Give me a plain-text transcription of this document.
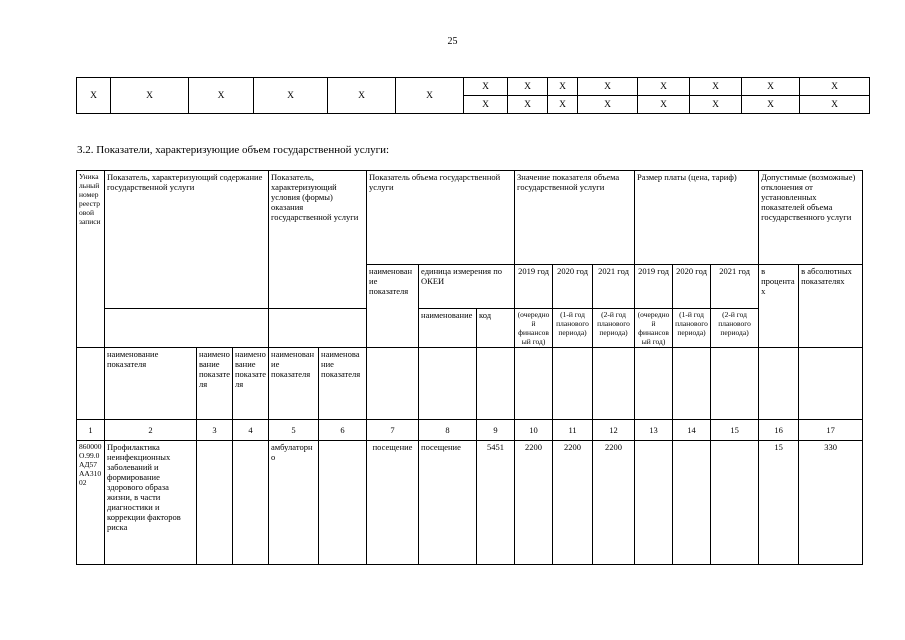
25
X	X	X	X	X	X	X	X	X	X	X	X	X	X
						X	X	X	X	X	X	X	X
3.2. Показатели, характеризующие объем государственной услуги:
Уникальный номер реестровой записи	Показатель, характеризующий содержание государственной услуги			Показатель, характеризующий условия (формы) оказания государственной услуги		Показатель объема государственной услуги			Значение показателя объема государственной услуги			Размер платы (цена, тариф)			Допустимые (возможные) отклонения от установленных показателей объема государственного услуги	
						наименование показателя	единица измерения по ОКЕИ		2019 год	2020 год	2021 год	2019 год	2020 год	2021 год	в процентах	в абсолютных показателях
							наименование	код	(очередной финансовый год)	(1-й год планового периода)	(2-й год планового периода)	(очередной финансовый год)	(1-й год планового периода)	(2-й год планового периода)		

	наименование показателя	наименование показателя	наименование показателя	наименование показателя	наименование показателя											
1	2	3	4	5	6	7	8	9	10	11	12	13	14	15	16	17
860000О.99.0АД57АА31002	Профилактика неинфекционных заболеваний и формирование здорового образа жизни, в части диагностики и коррекции факторов риска			амбулаторно		посещение	посещение	5451	2200	2200	2200				15	330
